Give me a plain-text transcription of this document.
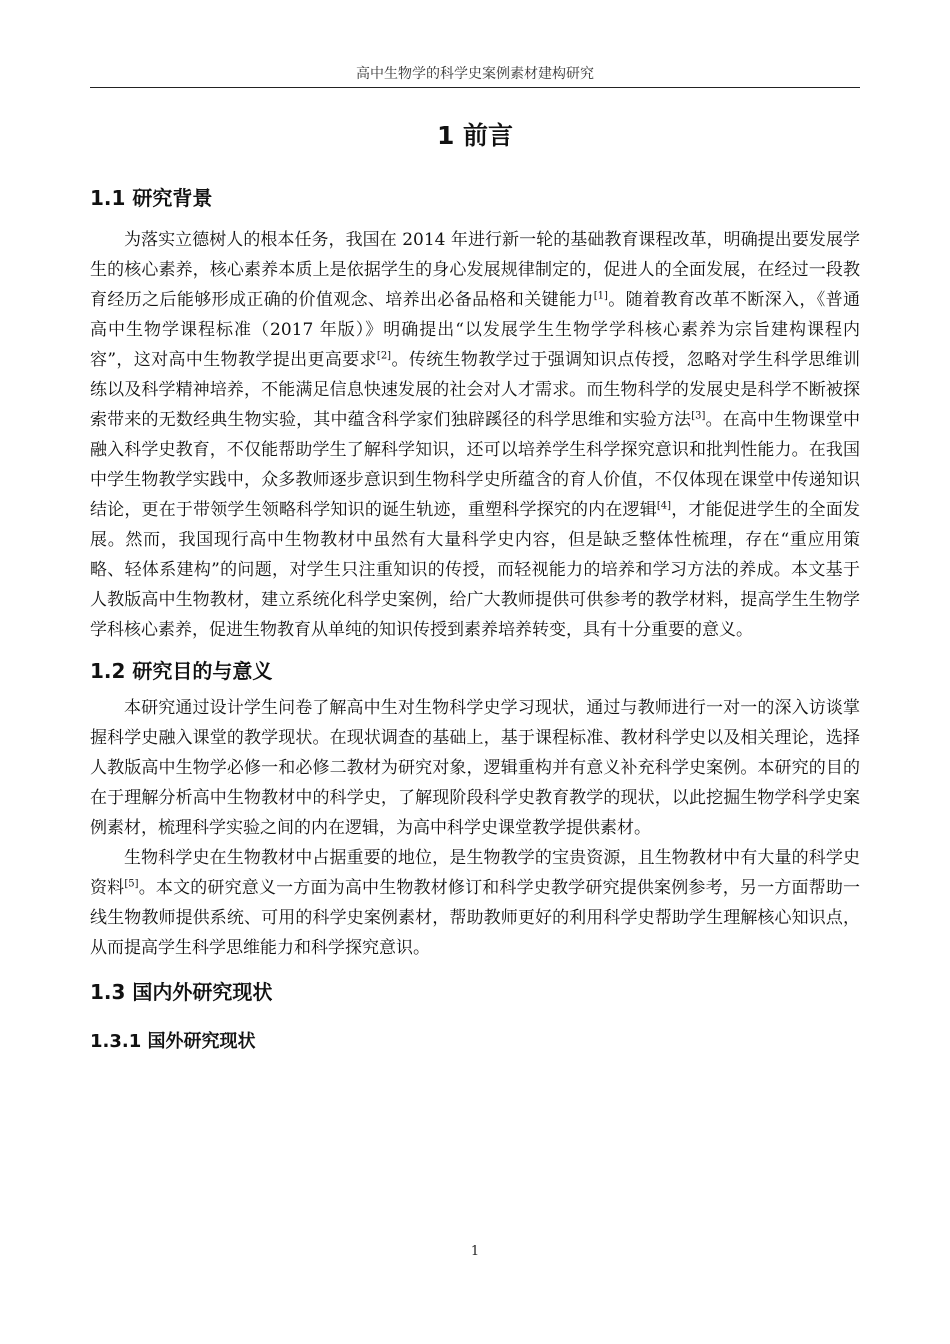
高中生物学的科学史案例素材建构研究
1 前言
1.1 研究背景

为落实立德树人的根本任务，我国在 2014 年进行新一轮的基础教育课程改革，明确提出要发展学生的核心素养，核心素养本质上是依据学生的身心发展规律制定的，促进人的全面发展，在经过一段教育经历之后能够形成正确的价值观念、培养出必备品格和关键能力[1]。随着教育改革不断深入，《普通高中生物学课程标准（2017 年版）》明确提出“以发展学生生物学学科核心素养为宗旨建构课程内容”，这对高中生物教学提出更高要求[2]。传统生物教学过于强调知识点传授，忽略对学生科学思维训练以及科学精神培养，不能满足信息快速发展的社会对人才需求。而生物科学的发展史是科学不断被探索带来的无数经典生物实验，其中蕴含科学家们独辟蹊径的科学思维和实验方法[3]。在高中生物课堂中融入科学史教育，不仅能帮助学生了解科学知识，还可以培养学生科学探究意识和批判性能力。在我国中学生物教学实践中，众多教师逐步意识到生物科学史所蕴含的育人价值，不仅体现在课堂中传递知识结论，更在于带领学生领略科学知识的诞生轨迹，重塑科学探究的内在逻辑[4]，才能促进学生的全面发展。然而，我国现行高中生物教材中虽然有大量科学史内容，但是缺乏整体性梳理，存在“重应用策略、轻体系建构”的问题，对学生只注重知识的传授，而轻视能力的培养和学习方法的养成。本文基于人教版高中生物教材，建立系统化科学史案例，给广大教师提供可供参考的教学材料，提高学生生物学学科核心素养，促进生物教育从单纯的知识传授到素养培养转变，具有十分重要的意义。

1.2 研究目的与意义

本研究通过设计学生问卷了解高中生对生物科学史学习现状，通过与教师进行一对一的深入访谈掌握科学史融入课堂的教学现状。在现状调查的基础上，基于课程标准、教材科学史以及相关理论，选择人教版高中生物学必修一和必修二教材为研究对象，逻辑重构并有意义补充科学史案例。本研究的目的在于理解分析高中生物教材中的科学史，了解现阶段科学史教育教学的现状，以此挖掘生物学科学史案例素材，梳理科学实验之间的内在逻辑，为高中科学史课堂教学提供素材。

生物科学史在生物教材中占据重要的地位，是生物教学的宝贵资源，且生物教材中有大量的科学史资料[5]。本文的研究意义一方面为高中生物教材修订和科学史教学研究提供案例参考，另一方面帮助一线生物教师提供系统、可用的科学史案例素材，帮助教师更好的利用科学史帮助学生理解核心知识点，从而提高学生科学思维能力和科学探究意识。

1.3 国内外研究现状
1.3.1 国外研究现状
1
